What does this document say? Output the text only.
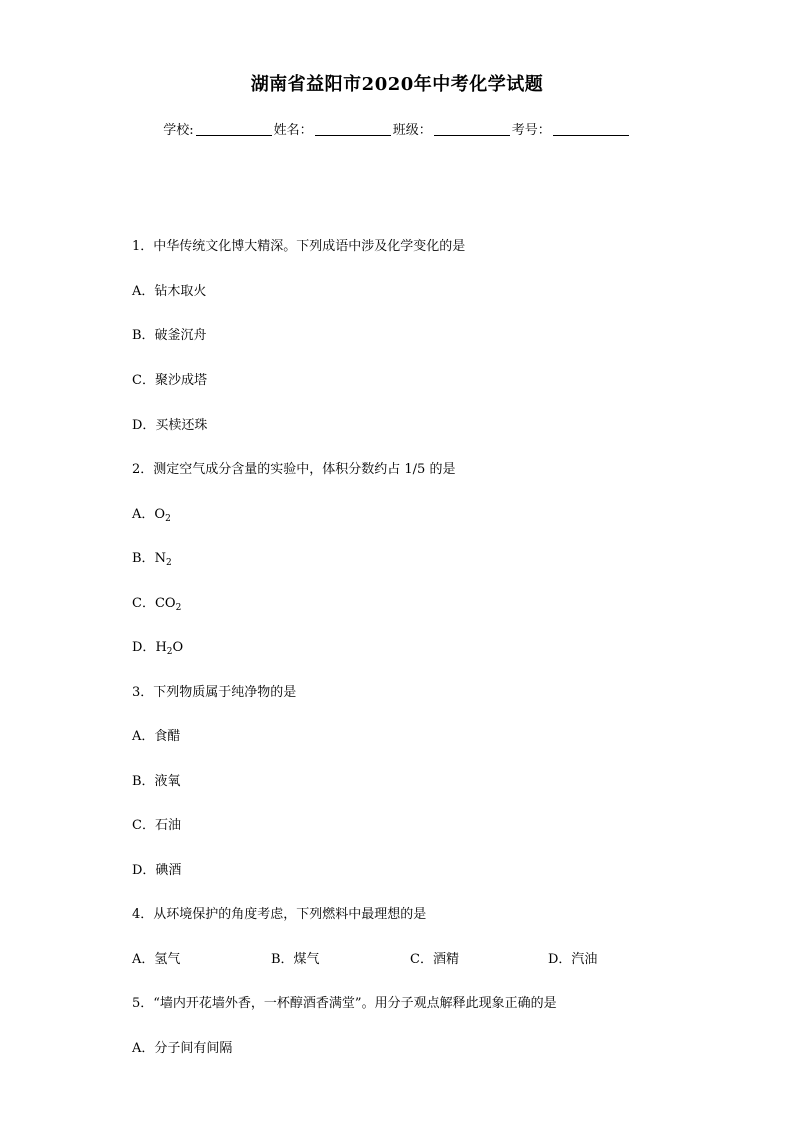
湖南省益阳市2020年中考化学试题
学校:	姓名：	班级：	考号：
1．中华传统文化博大精深。下列成语中涉及化学变化的是
A．钻木取火
B．破釜沉舟
C．聚沙成塔
D．买椟还珠
2．测定空气成分含量的实验中，体积分数约占 1/5 的是
A．$O_2$
B．$N_2$
C．$CO_2$
D．$H_2O$
3．下列物质属于纯净物的是
A．食醋
B．液氧
C．石油
D．碘酒
4．从环境保护的角度考虑，下列燃料中最理想的是
A．氢气	B．煤气	C．酒精	D．汽油
5．“墙内开花墙外香，一杯醇酒香满堂”。用分子观点解释此现象正确的是
A．分子间有间隔
